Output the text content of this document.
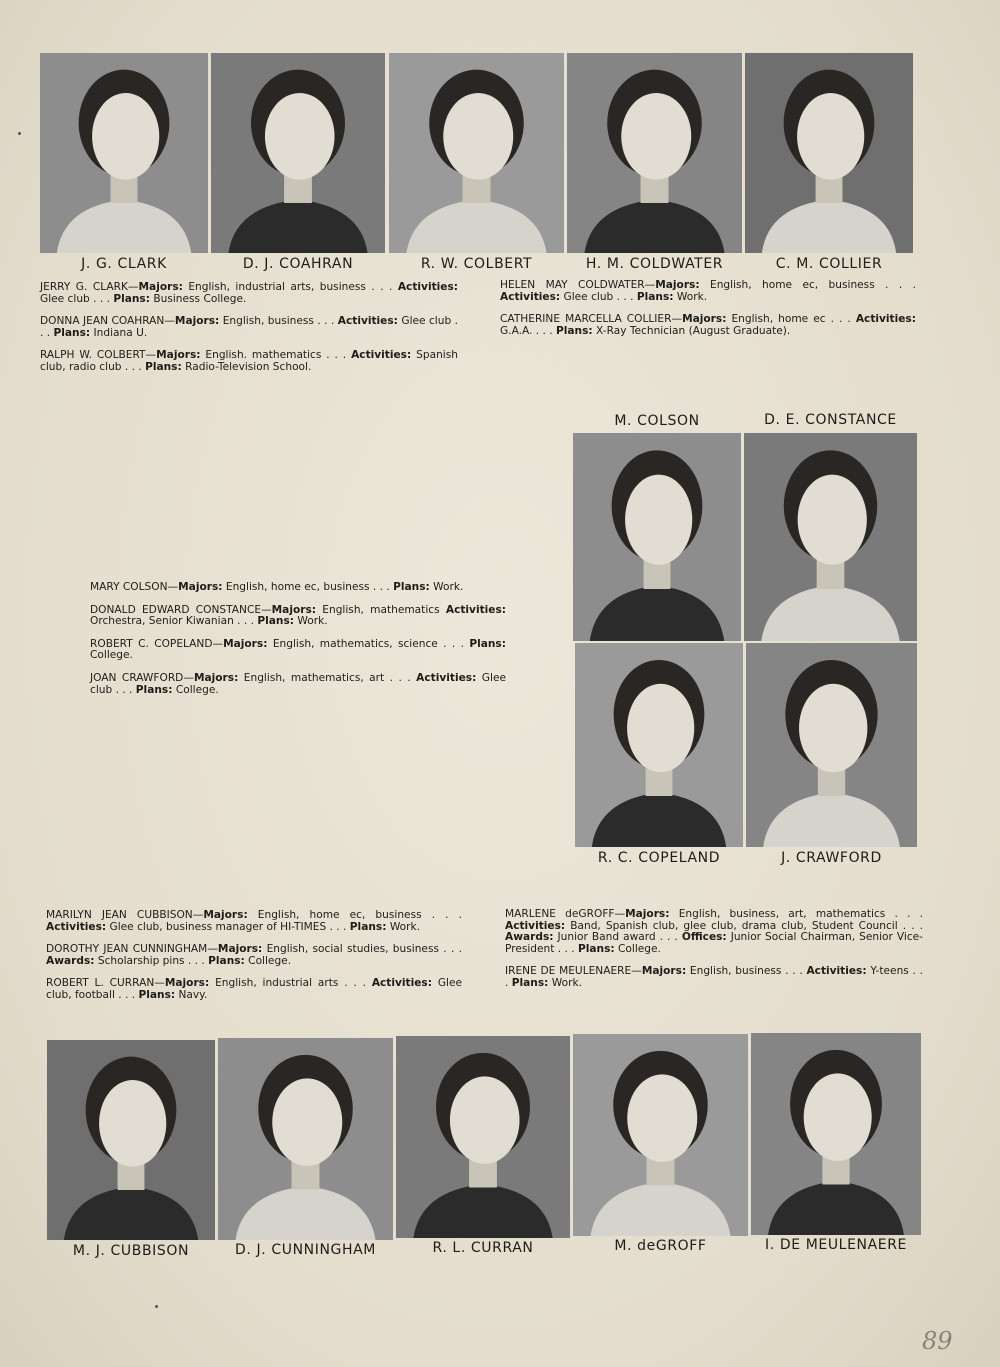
J. G. CLARK	D. J. COAHRAN	R. W. COLBERT	H. M. COLDWATER	C. M. COLLIER

JERRY G. CLARK—Majors: English, industrial arts, business . . . Activities: Glee club . . . Plans: Business College.

DONNA JEAN COAHRAN—Majors: English, business . . . Activities: Glee club . . . Plans: Indiana U.

RALPH W. COLBERT—Majors: English. mathematics . . . Activities: Spanish club, radio club . . . Plans: Radio-Television School.

HELEN MAY COLDWATER—Majors: English, home ec, business . . . Activities: Glee club . . . Plans: Work.

CATHERINE MARCELLA COLLIER—Majors: English, home ec . . . Activities: G.A.A. . . . Plans: X-Ray Technician (August Graduate).

M. COLSON	D. E. CONSTANCE
R. C. COPELAND	J. CRAWFORD

MARY COLSON—Majors: English, home ec, business . . . Plans: Work.

DONALD EDWARD CONSTANCE—Majors: English, mathematics Activities: Orchestra, Senior Kiwanian . . . Plans: Work.

ROBERT C. COPELAND—Majors: English, mathematics, science . . . Plans: College.

JOAN CRAWFORD—Majors: English, mathematics, art . . . Activities: Glee club . . . Plans: College.

MARILYN JEAN CUBBISON—Majors: English, home ec, business . . . Activities: Glee club, business manager of HI-TIMES . . . Plans: Work.

DOROTHY JEAN CUNNINGHAM—Majors: English, social studies, business . . . Awards: Scholarship pins . . . Plans: College.

ROBERT L. CURRAN—Majors: English, industrial arts . . . Activities: Glee club, football . . . Plans: Navy.

MARLENE deGROFF—Majors: English, business, art, mathematics . . . Activities: Band, Spanish club, glee club, drama club, Student Council . . . Awards: Junior Band award . . . Offices: Junior Social Chairman, Senior Vice-President . . . Plans: College.

IRENE DE MEULENAERE—Majors: English, business . . . Activities: Y-teens . . . Plans: Work.

M. J. CUBBISON	D. J. CUNNINGHAM	R. L. CURRAN	M. deGROFF	I. DE MEULENAERE
89
